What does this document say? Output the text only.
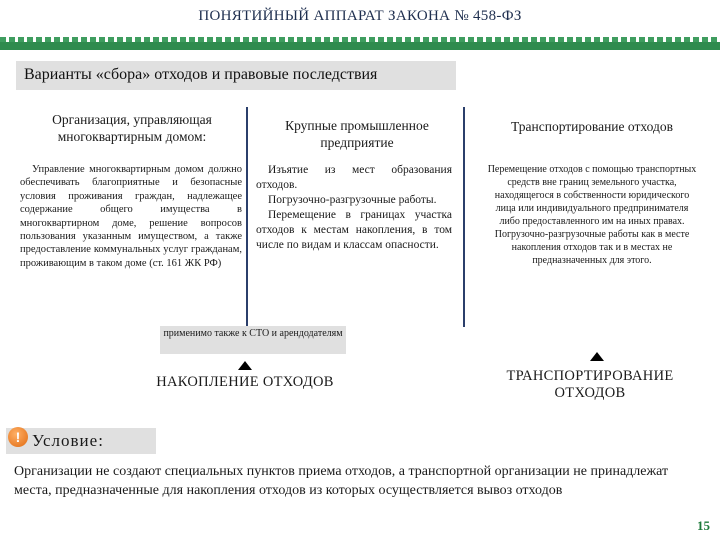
ПОНЯТИЙНЫЙ АППАРАТ ЗАКОНА № 458-ФЗ
Варианты «сбора» отходов и правовые последствия
Организация, управляющая многоквартирным домом:
Управление многоквартирным домом должно обеспечивать благоприятные и безопасные условия проживания граждан, надлежащее содержание общего имущества в многоквартирном доме, решение вопросов пользования указанным имуществом, а также предоставление коммунальных услуг гражданам, проживающим в таком доме (ст. 161 ЖК РФ)
Крупные промышленное предприятие
Изъятие из мест образования отходов.
Погрузочно-разгрузочные работы.
Перемещение в границах участка отходов к местам накопления, в том числе по видам и классам опасности.
Транспортирование отходов
Перемещение отходов с помощью транспортных средств вне границ земельного участка, находящегося в собственности юридического лица или индивидуального предпринимателя либо предоставленного им на иных правах.
Погрузочно-разгрузочные работы как в месте накопления отходов так и в местах не предназначенных для этого.
применимо также к СТО и арендодателям
НАКОПЛЕНИЕ ОТХОДОВ	ТРАНСПОРТИРОВАНИЕ ОТХОДОВ
! Условие:
Организации не создают специальных пунктов приема отходов, а транспортной организации не принадлежат места, предназначенные для накопления отходов из которых осуществляется вывоз отходов
15
